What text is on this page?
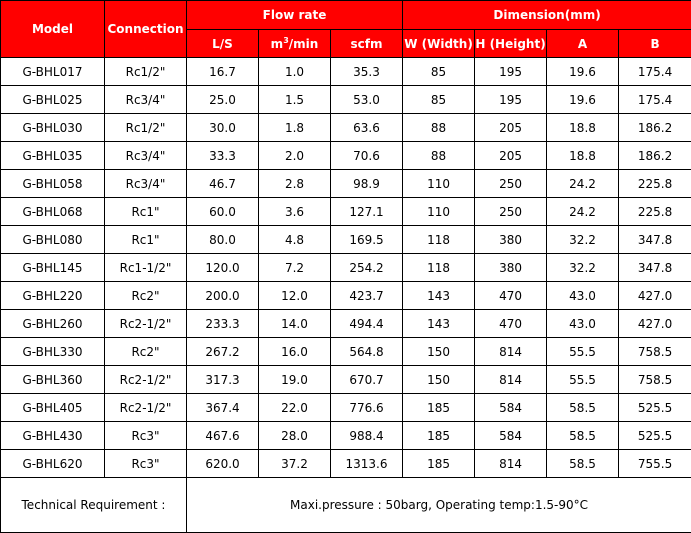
Model	Connection	Flow rate			Dimension(mm)			
		L/S	$m^3/\min$	scfm	W (Width)	H (Height)	A	B
G-BHL017	Rc1/2"	16.7	1.0	35.3	85	195	19.6	175.4
G-BHL025	Rc3/4"	25.0	1.5	53.0	85	195	19.6	175.4
G-BHL030	Rc1/2"	30.0	1.8	63.6	88	205	18.8	186.2
G-BHL035	Rc3/4"	33.3	2.0	70.6	88	205	18.8	186.2
G-BHL058	Rc3/4"	46.7	2.8	98.9	110	250	24.2	225.8
G-BHL068	Rc1"	60.0	3.6	127.1	110	250	24.2	225.8
G-BHL080	Rc1"	80.0	4.8	169.5	118	380	32.2	347.8
G-BHL145	Rc1-1/2"	120.0	7.2	254.2	118	380	32.2	347.8
G-BHL220	Rc2"	200.0	12.0	423.7	143	470	43.0	427.0
G-BHL260	Rc2-1/2"	233.3	14.0	494.4	143	470	43.0	427.0
G-BHL330	Rc2"	267.2	16.0	564.8	150	814	55.5	758.5
G-BHL360	Rc2-1/2"	317.3	19.0	670.7	150	814	55.5	758.5
G-BHL405	Rc2-1/2"	367.4	22.0	776.6	185	584	58.5	525.5
G-BHL430	Rc3"	467.6	28.0	988.4	185	584	58.5	525.5
G-BHL620	Rc3"	620.0	37.2	1313.6	185	814	58.5	755.5
Technical Requirement :		Maxi.pressure : 50barg, Operating temp:1.5-90°C						
